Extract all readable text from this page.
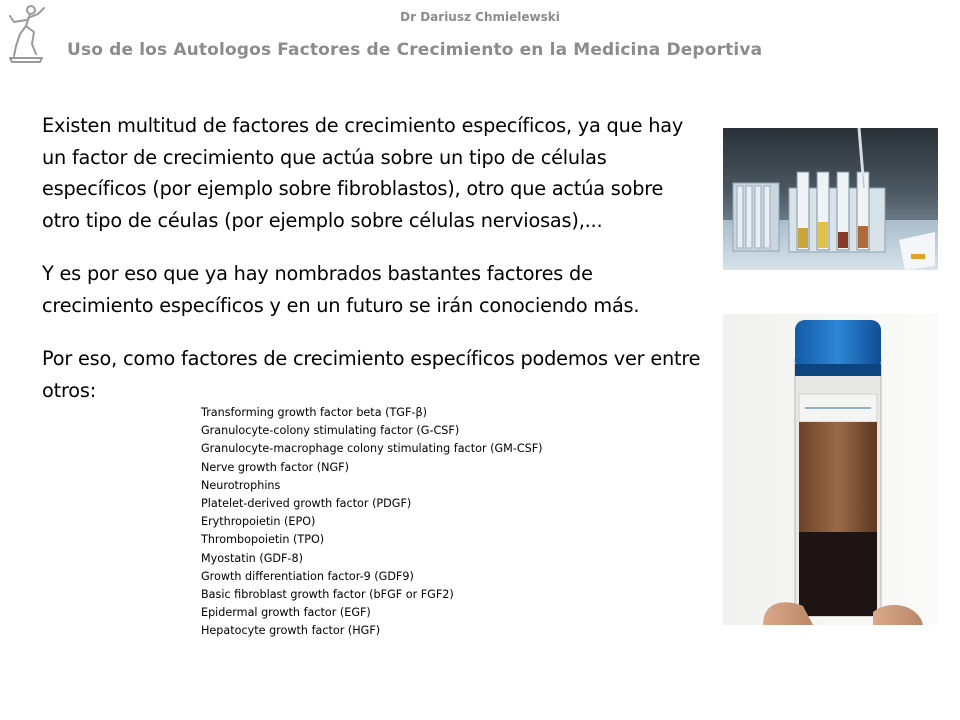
Dr Dariusz Chmielewski
Uso de los Autologos Factores de Crecimiento en la Medicina Deportiva

Existen multitud de factores de crecimiento específicos, ya que hay un factor de crecimiento que actúa sobre un tipo de células específicos (por ejemplo sobre fibroblastos), otro que actúa sobre otro tipo de céulas (por ejemplo sobre células nerviosas),...

Y es por eso que ya hay nombrados bastantes factores de crecimiento específicos y en un futuro se irán conociendo más.

Por eso, como factores de crecimiento específicos podemos ver entre otros:

Transforming growth factor beta (TGF-β)
Granulocyte-colony stimulating factor (G-CSF)
Granulocyte-macrophage colony stimulating factor (GM-CSF)
Nerve growth factor (NGF)
Neurotrophins
Platelet-derived growth factor (PDGF)
Erythropoietin (EPO)
Thrombopoietin (TPO)
Myostatin (GDF-8)
Growth differentiation factor-9 (GDF9)
Basic fibroblast growth factor (bFGF or FGF2)
Epidermal growth factor (EGF)
Hepatocyte growth factor (HGF)
